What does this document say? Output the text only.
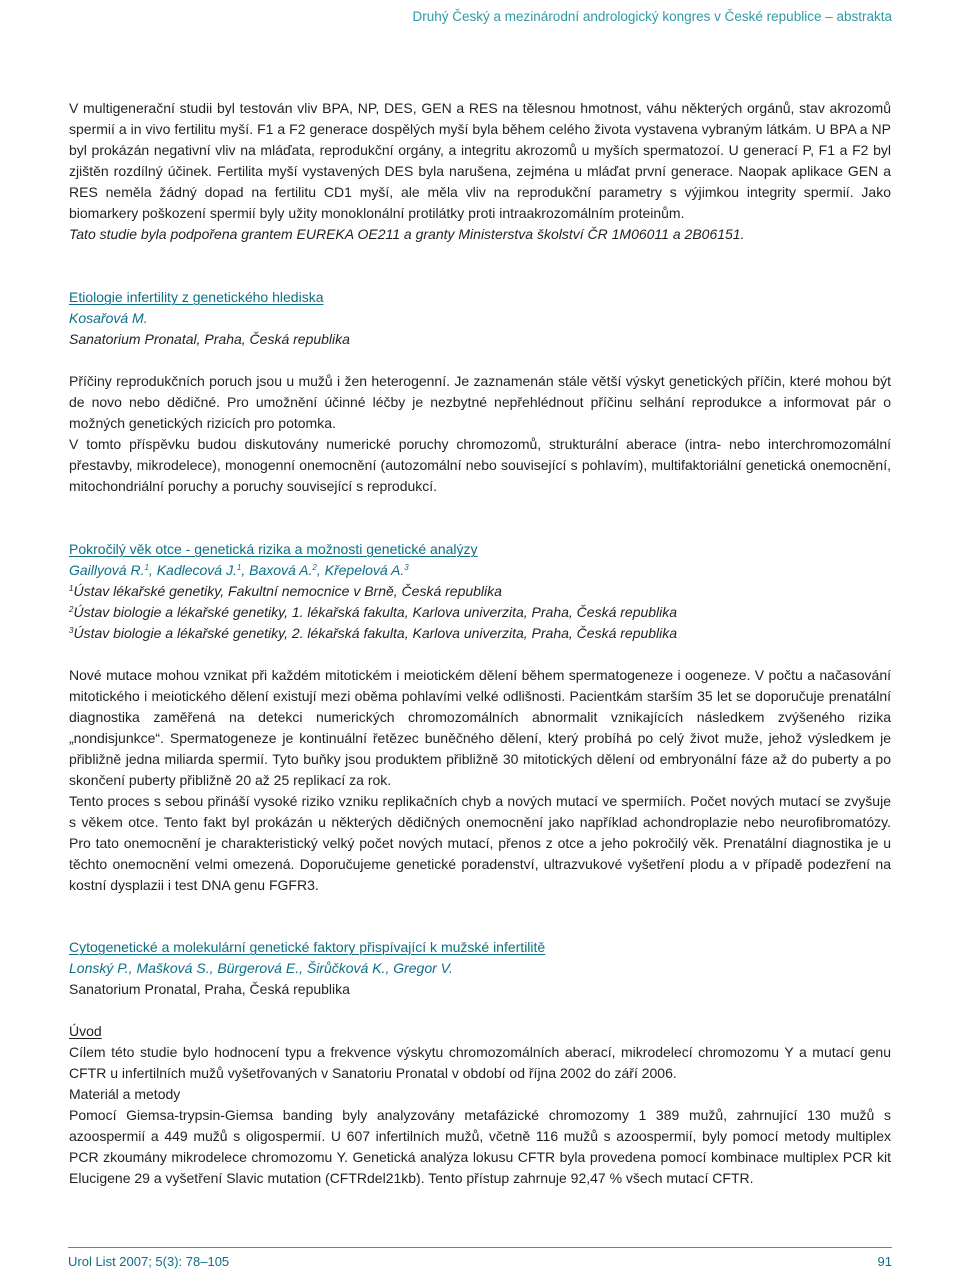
Druhý Český a mezinárodní andrologický kongres v České republice – abstrakta

V multigenerační studii byl testován vliv BPA, NP, DES, GEN a RES na tělesnou hmotnost, váhu některých orgánů, stav akrozomů spermií a in vivo fertilitu myší. F1 a F2 generace dospělých myší byla během celého života vystavena vybraným látkám. U BPA a NP byl prokázán negativní vliv na mláďata, reprodukční orgány, a integritu akrozomů u myších spermatozoí. U generací P, F1 a F2 byl zjištěn rozdílný účinek. Fertilita myší vystavených DES byla narušena, zejména u mláďat první generace. Naopak aplikace GEN a RES neměla žádný dopad na fertilitu CD1 myší, ale měla vliv na reprodukční parametry s výjimkou integrity spermií. Jako biomarkery poškození spermií byly užity monoklonální protilátky proti intraakrozomálním proteinům.

Tato studie byla podpořena grantem EUREKA OE211 a granty Ministerstva školství ČR 1M06011 a 2B06151.

Etiologie infertility z genetického hlediska

Kosařová M.

Sanatorium Pronatal, Praha, Česká republika

Příčiny reprodukčních poruch jsou u mužů i žen heterogenní. Je zaznamenán stále větší výskyt genetických příčin, které mohou být de novo nebo dědičné. Pro umožnění účinné léčby je nezbytné nepřehlédnout příčinu selhání reprodukce a informovat pár o možných genetických rizicích pro potomka.

V tomto příspěvku budou diskutovány numerické poruchy chromozomů, strukturální aberace (intra- nebo interchromozomální přestavby, mikrodelece), monogenní onemocnění (autozomální nebo související s pohlavím), multifaktoriální genetická onemocnění, mitochondriální poruchy a poruchy související s reprodukcí.

Pokročilý věk otce - genetická rizika a možnosti genetické analýzy

Gaillyová R.$^1$, Kadlecová J.$^1$, Baxová A.$^2$, Křepelová A.$^3$

$^1$Ústav lékařské genetiky, Fakultní nemocnice v Brně, Česká republika

$^2$Ústav biologie a lékařské genetiky, 1. lékařská fakulta, Karlova univerzita, Praha, Česká republika

$^3$Ústav biologie a lékařské genetiky, 2. lékařská fakulta, Karlova univerzita, Praha, Česká republika

Nové mutace mohou vznikat při každém mitotickém i meiotickém dělení během spermatogeneze i oogeneze. V počtu a načasování mitotického i meiotického dělení existují mezi oběma pohlavími velké odlišnosti. Pacientkám starším 35 let se doporučuje prenatální diagnostika zaměřená na detekci numerických chromozomálních abnormalit vznikajících následkem zvýšeného rizika „nondisjunkce“. Spermatogeneze je kontinuální řetězec buněčného dělení, který probíhá po celý život muže, jehož výsledkem je přibližně jedna miliarda spermií. Tyto buňky jsou produktem přibližně 30 mitotických dělení od embryonální fáze až do puberty a po skončení puberty přibližně 20 až 25 replikací za rok.

Tento proces s sebou přináší vysoké riziko vzniku replikačních chyb a nových mutací ve spermiích. Počet nových mutací se zvyšuje s věkem otce. Tento fakt byl prokázán u některých dědičných onemocnění jako například achondroplazie nebo neurofibromatózy. Pro tato onemocnění je charakteristický velký počet nových mutací, přenos z otce a jeho pokročilý věk. Prenatální diagnostika je u těchto onemocnění velmi omezená. Doporučujeme genetické poradenství, ultrazvukové vyšetření plodu a v případě podezření na kostní dysplazii i test DNA genu FGFR3.

Cytogenetické a molekulární genetické faktory přispívající k mužské infertilitě

Lonský P., Mašková S., Bürgerová E., Širůčková K., Gregor V.

Sanatorium Pronatal, Praha, Česká republika

Úvod

Cílem této studie bylo hodnocení typu a frekvence výskytu chromozomálních aberací, mikrodelecí chromozomu Y a mutací genu CFTR u infertilních mužů vyšetřovaných v Sanatoriu Pronatal v období od října 2002 do září 2006.

Materiál a metody

Pomocí Giemsa-trypsin-Giemsa banding byly analyzovány metafázické chromozomy 1 389 mužů, zahrnující 130 mužů s azoospermií a 449 mužů s oligospermií. U 607 infertilních mužů, včetně 116 mužů s azoospermií, byly pomocí metody multiplex PCR zkoumány mikrodelece chromozomu Y. Genetická analýza lokusu CFTR byla provedena pomocí kombinace multiplex PCR kit Elucigene 29 a vyšetření Slavic mutation (CFTRdel21kb). Tento přístup zahrnuje 92,47 % všech mutací CFTR.

Urol List 2007; 5(3): 78–105	91
